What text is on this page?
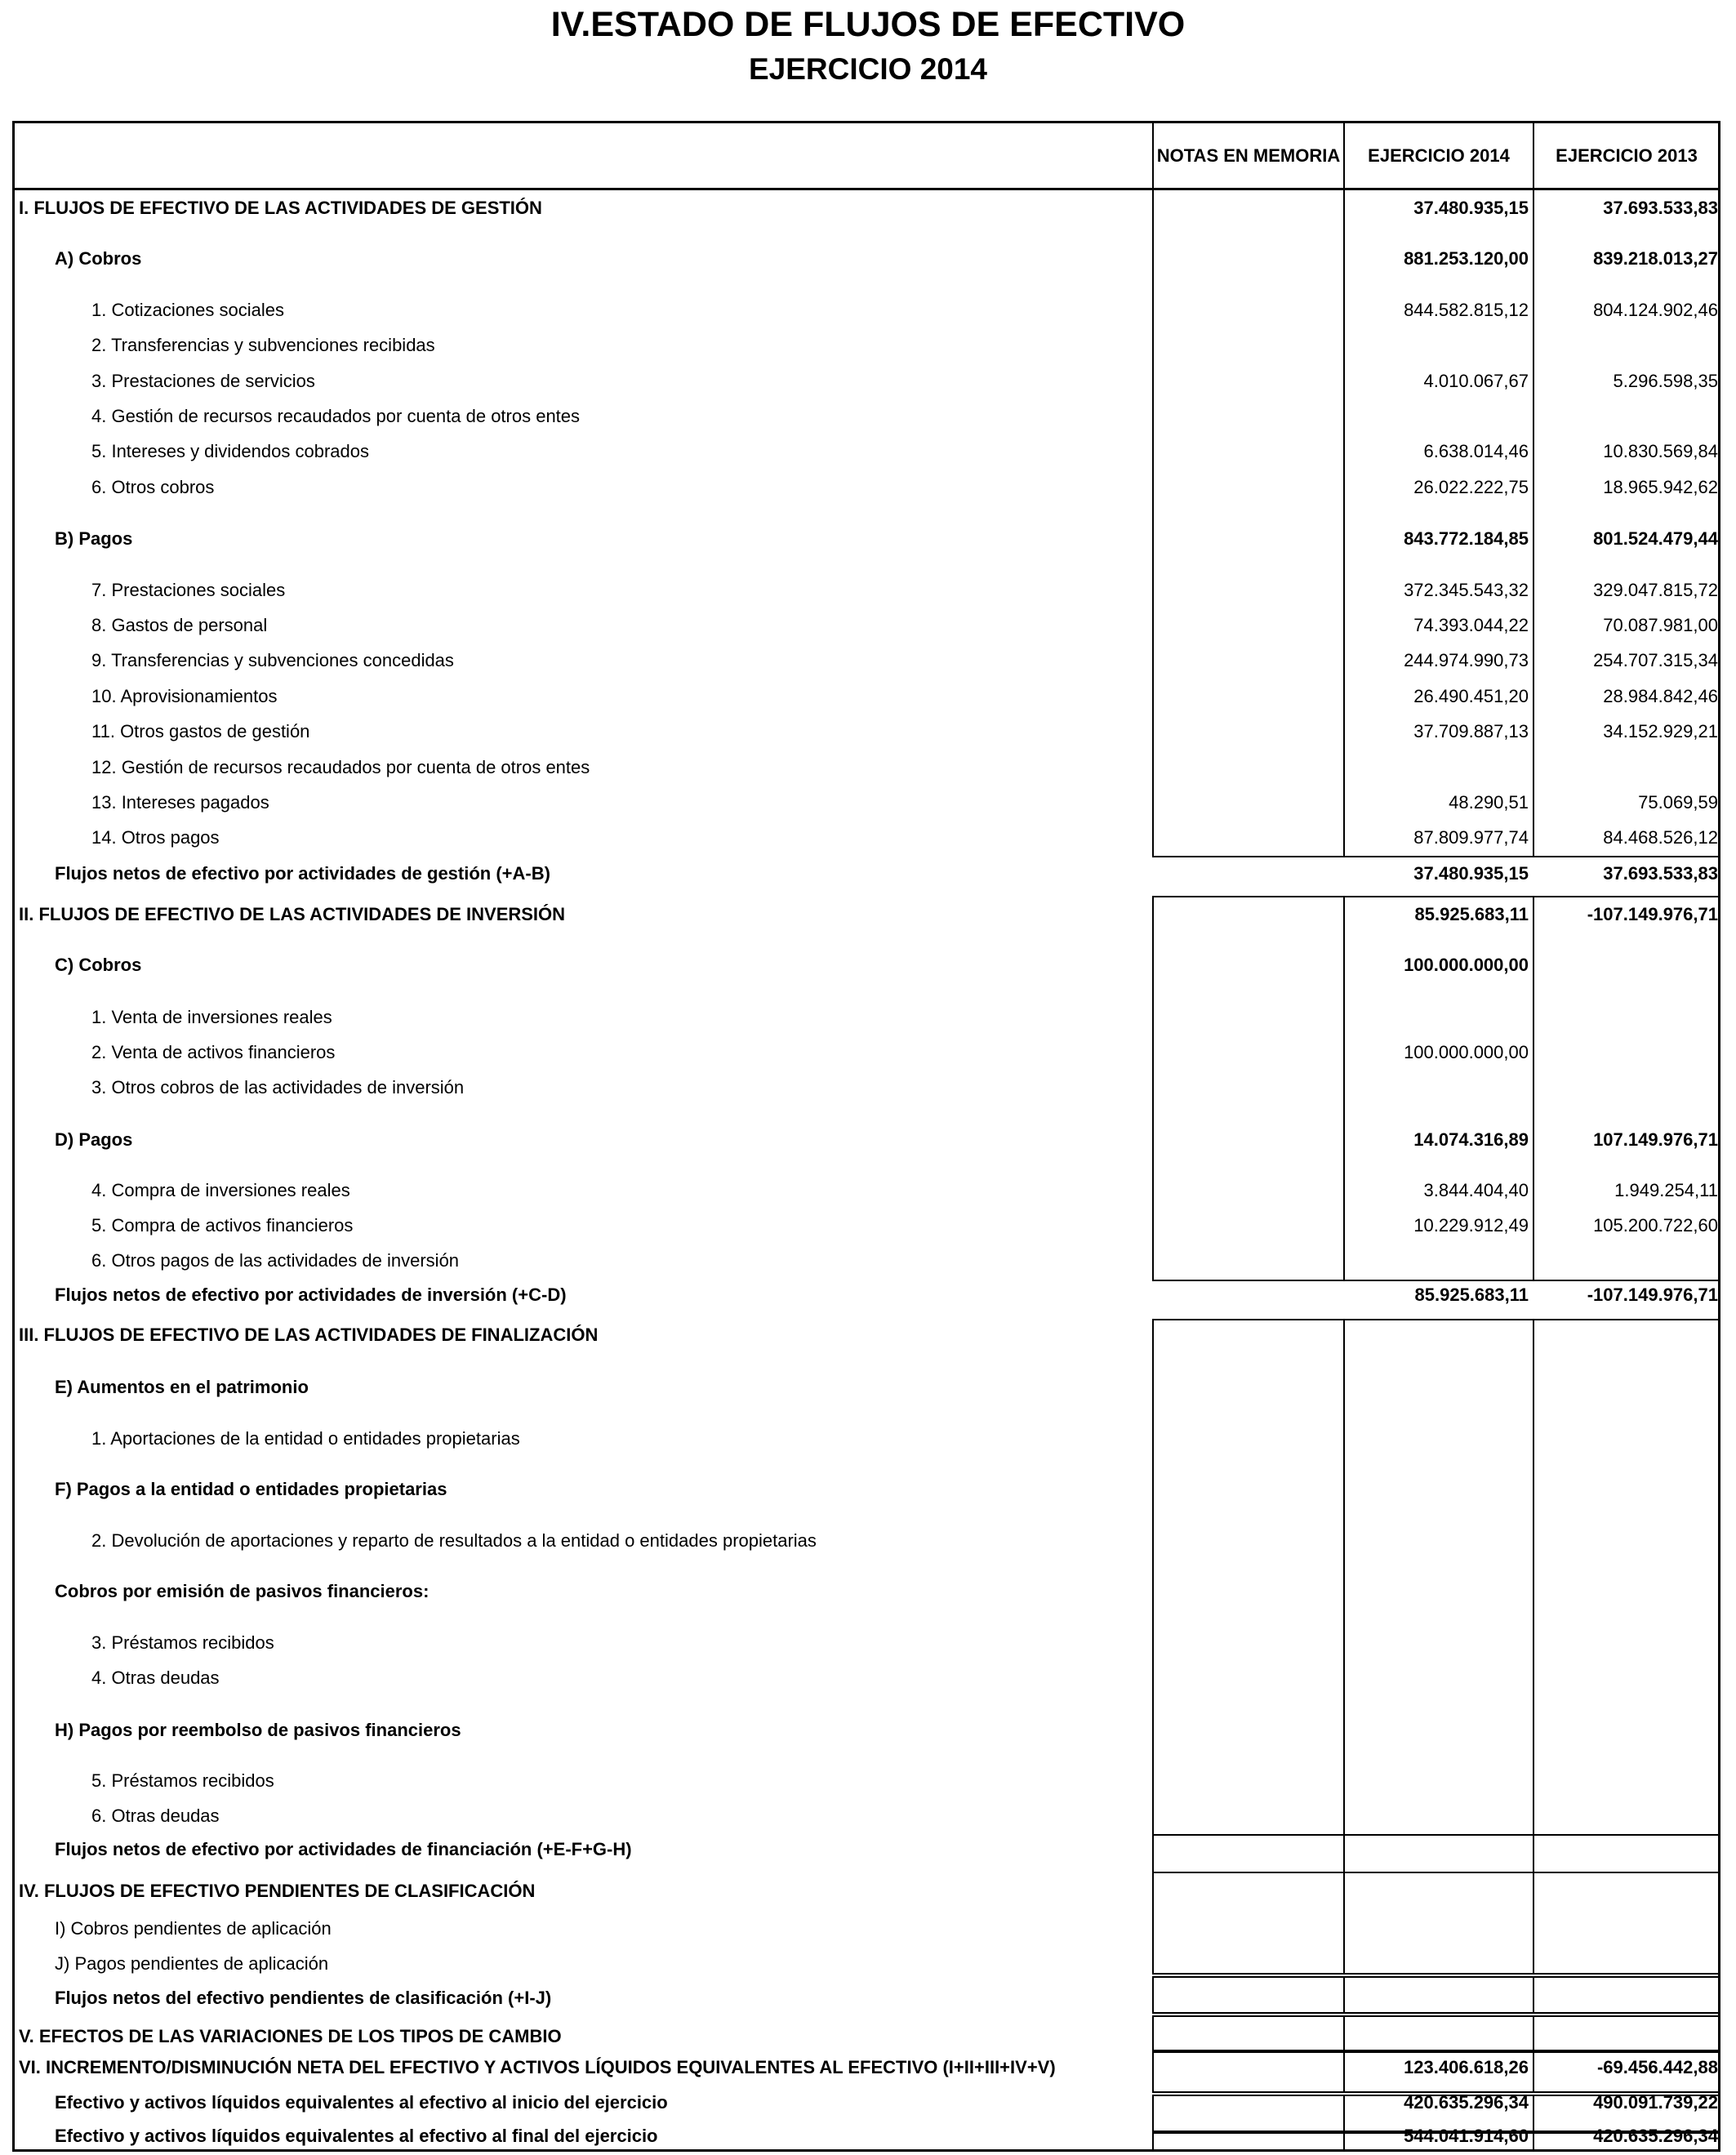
IV.ESTADO DE FLUJOS DE EFECTIVO
EJERCICIO 2014
NOTAS EN MEMORIA	EJERCICIO 2014	EJERCICIO 2013
I. FLUJOS DE EFECTIVO DE LAS ACTIVIDADES DE GESTIÓN	37.480.935,15	37.693.533,83
A) Cobros	881.253.120,00	839.218.013,27
1. Cotizaciones sociales	844.582.815,12	804.124.902,46
2. Transferencias y subvenciones recibidas
3. Prestaciones de servicios	4.010.067,67	5.296.598,35
4. Gestión de recursos recaudados por cuenta de otros entes
5. Intereses y dividendos cobrados	6.638.014,46	10.830.569,84
6. Otros cobros	26.022.222,75	18.965.942,62
B) Pagos	843.772.184,85	801.524.479,44
7. Prestaciones sociales	372.345.543,32	329.047.815,72
8. Gastos de personal	74.393.044,22	70.087.981,00
9. Transferencias y subvenciones concedidas	244.974.990,73	254.707.315,34
10. Aprovisionamientos	26.490.451,20	28.984.842,46
11. Otros gastos de gestión	37.709.887,13	34.152.929,21
12. Gestión de recursos recaudados por cuenta de otros entes
13. Intereses pagados	48.290,51	75.069,59
14. Otros pagos	87.809.977,74	84.468.526,12
Flujos netos de efectivo por actividades de gestión (+A-B)	37.480.935,15	37.693.533,83
II. FLUJOS DE EFECTIVO DE LAS ACTIVIDADES DE INVERSIÓN	85.925.683,11	-107.149.976,71
C) Cobros	100.000.000,00
1. Venta de inversiones reales
2. Venta de activos financieros	100.000.000,00
3. Otros cobros de las actividades de inversión
D) Pagos	14.074.316,89	107.149.976,71
4. Compra de inversiones reales	3.844.404,40	1.949.254,11
5. Compra de activos financieros	10.229.912,49	105.200.722,60
6. Otros pagos de las actividades de inversión
Flujos netos de efectivo por actividades de inversión (+C-D)	85.925.683,11	-107.149.976,71
III. FLUJOS DE EFECTIVO DE LAS ACTIVIDADES DE FINALIZACIÓN
E) Aumentos en el patrimonio
1. Aportaciones de la entidad o entidades propietarias
F) Pagos a la entidad o entidades propietarias
2. Devolución de aportaciones y reparto de resultados a la entidad o entidades propietarias
Cobros por emisión de pasivos financieros:
3. Préstamos recibidos
4. Otras deudas
H) Pagos por reembolso de pasivos financieros
5. Préstamos recibidos
6. Otras deudas
Flujos netos de efectivo por actividades de financiación (+E-F+G-H)
IV. FLUJOS DE EFECTIVO PENDIENTES DE CLASIFICACIÓN
I) Cobros pendientes de aplicación
J) Pagos pendientes de aplicación
Flujos netos del efectivo pendientes de clasificación (+I-J)
V. EFECTOS DE LAS VARIACIONES DE LOS TIPOS DE CAMBIO
VI. INCREMENTO/DISMINUCIÓN NETA DEL EFECTIVO Y ACTIVOS LÍQUIDOS EQUIVALENTES AL EFECTIVO (I+II+III+IV+V)	123.406.618,26	-69.456.442,88
Efectivo y activos líquidos equivalentes al efectivo al inicio del ejercicio	420.635.296,34	490.091.739,22
Efectivo y activos líquidos equivalentes al efectivo al final del ejercicio	544.041.914,60	420.635.296,34
